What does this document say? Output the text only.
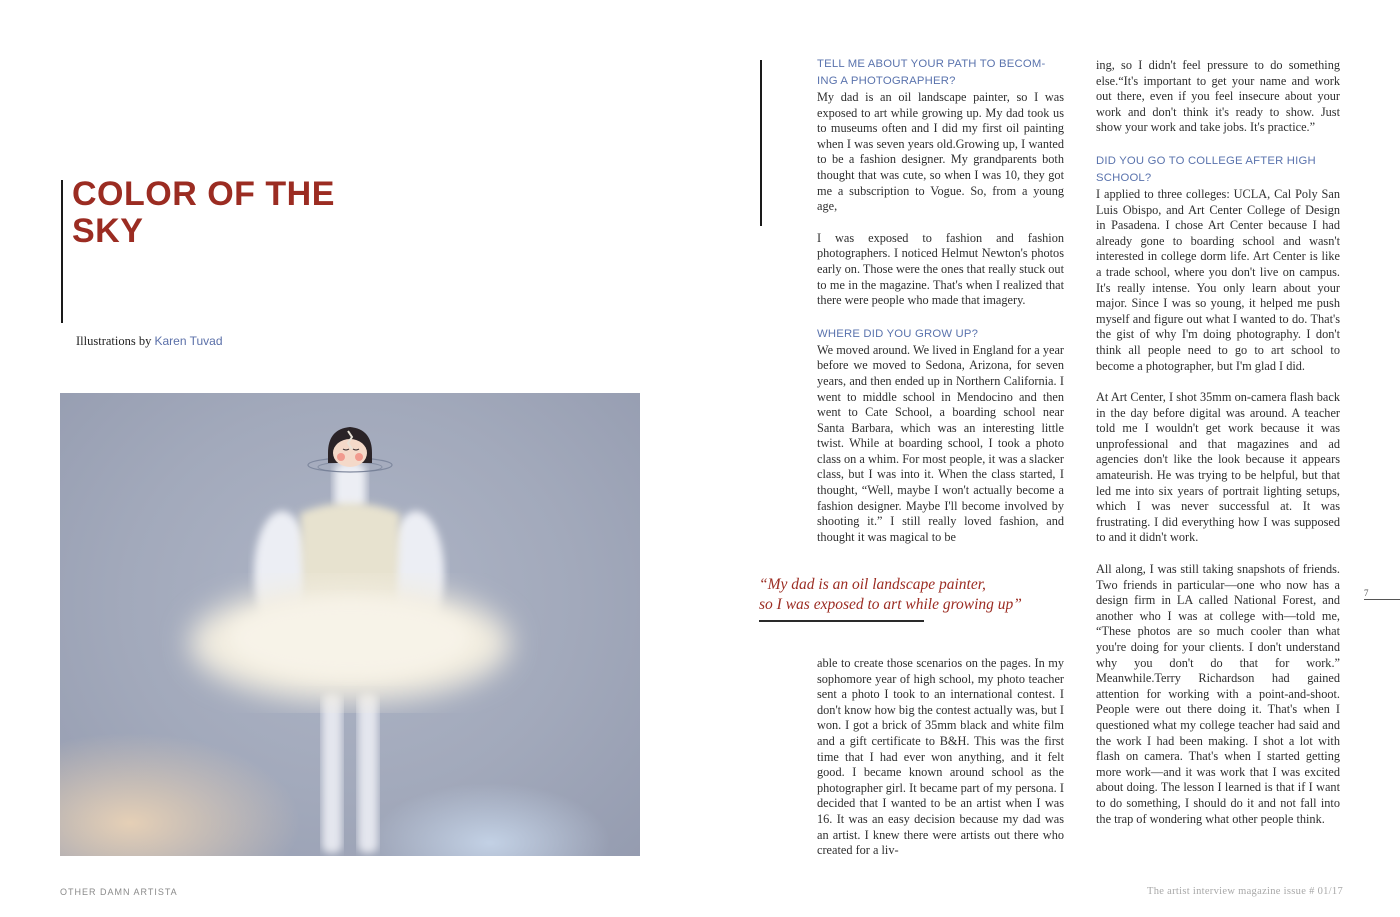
COLOR OF THE SKY
Illustrations by Karen Tuvad
OTHER DAMN ARTISTA

TELL ME ABOUT YOUR PATH TO BECOM-ING A PHOTOGRAPHER?

My dad is an oil landscape painter, so I was exposed to art while growing up. My dad took us to museums often and I did my first oil painting when I was seven years old.Growing up, I wanted to be a fashion designer. My grandparents both thought that was cute, so when I was 10, they got me a subscription to Vogue. So, from a young age,

I was exposed to fashion and fashion photographers. I noticed Helmut Newton's photos early on. Those were the ones that really stuck out to me in the magazine. That's when I realized that there were people who made that imagery.

WHERE DID YOU GROW UP?

We moved around. We lived in England for a year before we moved to Sedona, Arizona, for seven years, and then ended up in Northern California. I went to middle school in Mendocino and then went to Cate School, a boarding school near Santa Barbara, which was an interesting little twist. While at boarding school, I took a photo class on a whim. For most people, it was a slacker class, but I was into it. When the class started, I thought, “Well, maybe I won't actually become a fashion designer. Maybe I'll become involved by shooting it.” I still really loved fashion, and thought it was magical to be

“My dad is an oil landscape painter,
so I was exposed to art while growing up”

able to create those scenarios on the pages. In my sophomore year of high school, my photo teacher sent a photo I took to an international contest. I don't know how big the contest actually was, but I won. I got a brick of 35mm black and white film and a gift certificate to B&H. This was the first time that I had ever won anything, and it felt good. I became known around school as the photographer girl. It became part of my persona. I decided that I wanted to be an artist when I was 16. It was an easy decision because my dad was an artist. I knew there were artists out there who created for a liv-

ing, so I didn't feel pressure to do something else.“It's important to get your name and work out there, even if you feel insecure about your work and don't think it's ready to show. Just show your work and take jobs. It's practice.”

DID YOU GO TO COLLEGE AFTER HIGH SCHOOL?

I applied to three colleges: UCLA, Cal Poly San Luis Obispo, and Art Center College of Design in Pasadena. I chose Art Center because I had already gone to boarding school and wasn't interested in college dorm life. Art Center is like a trade school, where you don't live on campus. It's really intense. You only learn about your major. Since I was so young, it helped me push myself and figure out what I wanted to do. That's the gist of why I'm doing photography. I don't think all people need to go to art school to become a photographer, but I'm glad I did.

At Art Center, I shot 35mm on-camera flash back in the day before digital was around. A teacher told me I wouldn't get work because it was unprofessional and that magazines and ad agencies don't like the look because it appears amateurish. He was trying to be helpful, but that led me into six years of portrait lighting setups, which I was never successful at. It was frustrating. I did everything how I was supposed to and it didn't work.

All along, I was still taking snapshots of friends. Two friends in particular—one who now has a design firm in LA called National Forest, and another who I was at college with—told me, “These photos are so much cooler than what you're doing for your clients. I don't understand why you don't do that for work.” Meanwhile.Terry Richardson had gained attention for working with a point-and-shoot. People were out there doing it. That's when I questioned what my college teacher had said and the work I had been making. I shot a lot with flash on camera. That's when I started getting more work—and it was work that I was excited about doing. The lesson I learned is that if I want to do something, I should do it and not fall into the trap of wondering what other people think.

7
The artist interview magazine issue # 01/17
